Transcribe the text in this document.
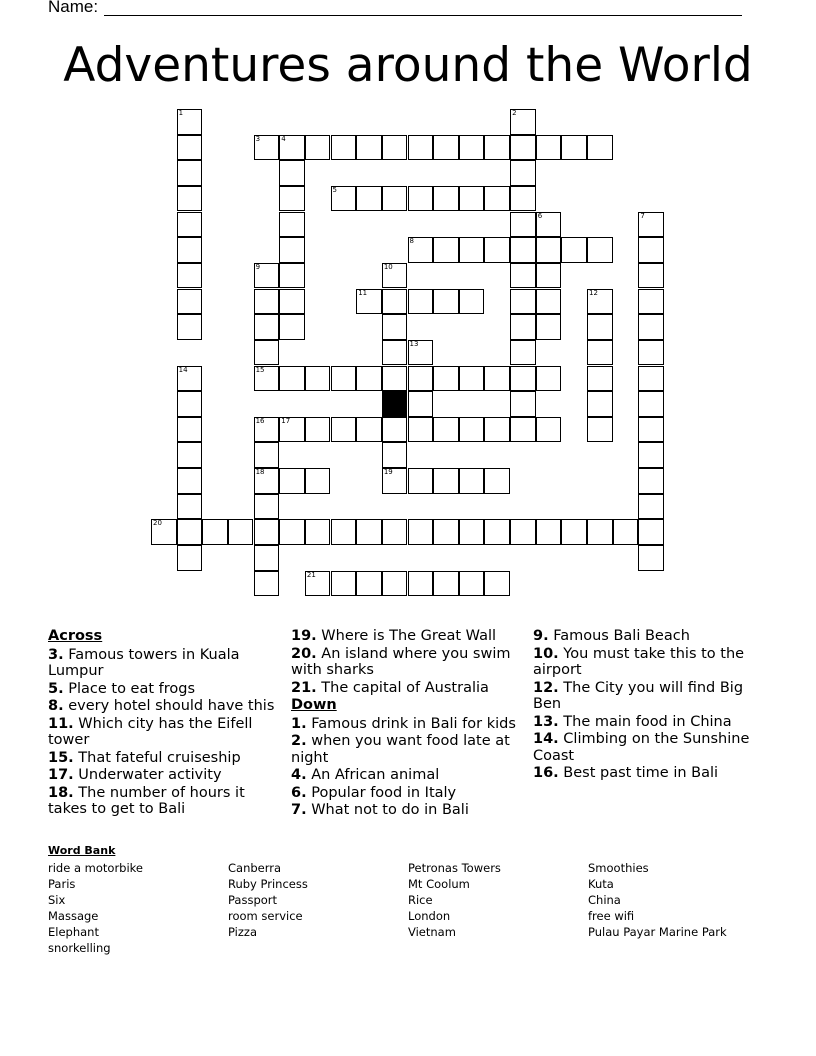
Name:
Adventures around the World
1	2
3	4
5
6	7
8
9	10
11	12
13
14	15
16
18
17
19
20
21
Across
3. Famous towers in Kuala Lumpur
5. Place to eat frogs
8. every hotel should have this
11. Which city has the Eifell tower
15. That fateful cruiseship
17. Underwater activity
18. The number of hours it takes to get to Bali
19. Where is The Great Wall
20. An island where you swim with sharks
21. The capital of Australia
Down
1. Famous drink in Bali for kids
2. when you want food late at night
4. An African animal
6. Popular food in Italy
7. What not to do in Bali
9. Famous Bali Beach
10. You must take this to the airport
12. The City you will find Big Ben
13. The main food in China
14. Climbing on the Sunshine Coast
16. Best past time in Bali
Word Bank
ride a motorbike
Paris
Six
Massage
Elephant
snorkelling
Canberra
Ruby Princess
Passport
room service
Pizza
Petronas Towers
Mt Coolum
Rice
London
Vietnam
Smoothies
Kuta
China
free wifi
Pulau Payar Marine Park
